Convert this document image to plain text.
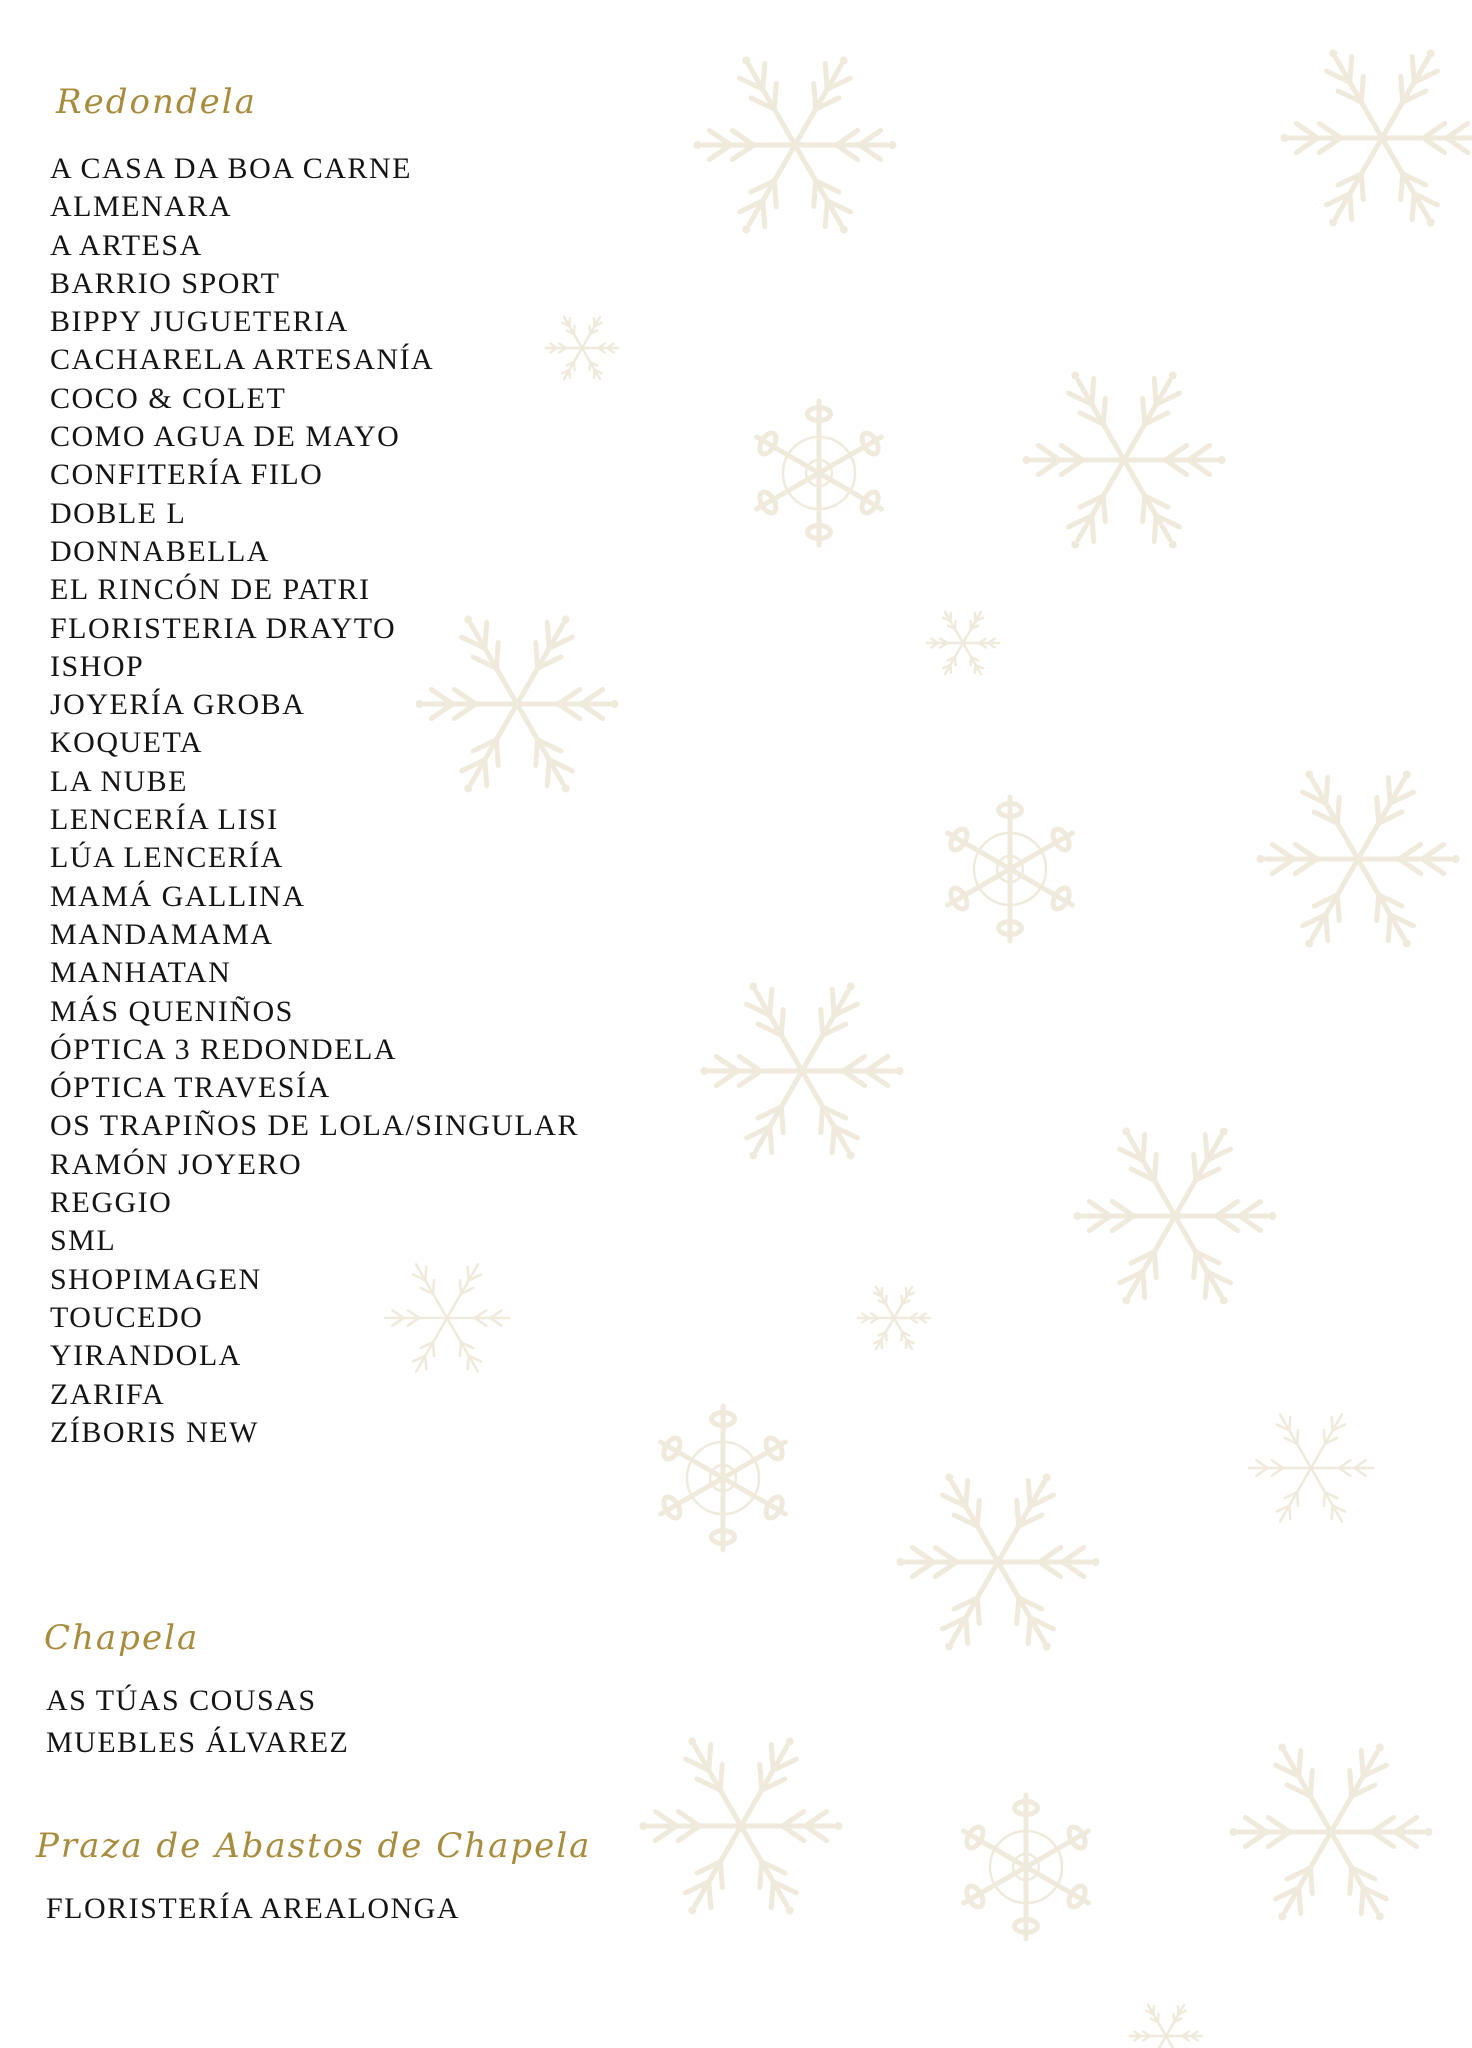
Redondela
A CASA DA BOA CARNE
ALMENARA
A ARTESA
BARRIO SPORT
BIPPY JUGUETERIA
CACHARELA ARTESANÍA
COCO & COLET
COMO AGUA DE MAYO
CONFITERÍA FILO
DOBLE L
DONNABELLA
EL RINCÓN DE PATRI
FLORISTERIA DRAYTO
ISHOP
JOYERÍA GROBA
KOQUETA
LA NUBE
LENCERÍA LISI
LÚA LENCERÍA
MAMÁ GALLINA
MANDAMAMA
MANHATAN
MÁS QUENIÑOS
ÓPTICA 3 REDONDELA
ÓPTICA TRAVESÍA
OS TRAPIÑOS DE LOLA/SINGULAR
RAMÓN JOYERO
REGGIO
SML
SHOPIMAGEN
TOUCEDO
YIRANDOLA
ZARIFA
ZÍBORIS NEW
Chapela
AS TÚAS COUSAS
MUEBLES ÁLVAREZ
Praza de Abastos de Chapela
FLORISTERÍA AREALONGA
